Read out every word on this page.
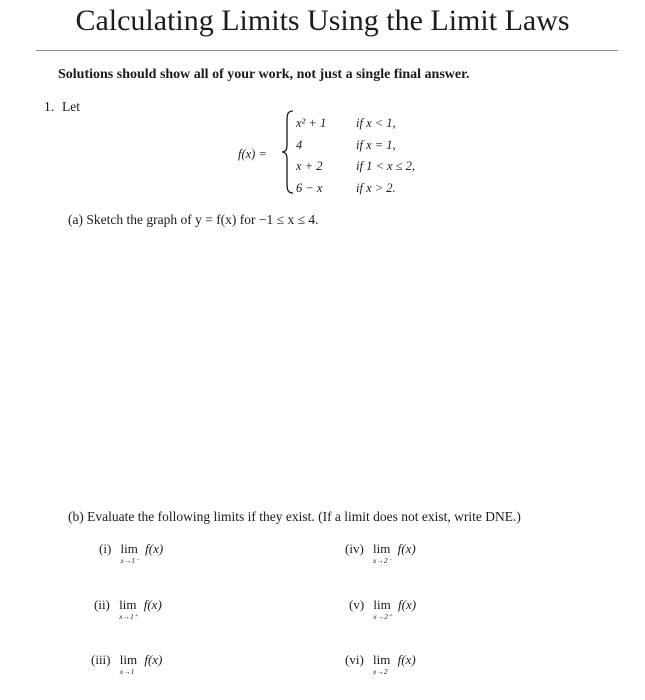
Calculating Limits Using the Limit Laws
Solutions should show all of your work, not just a single final answer.
1. Let
f(x) =
x² + 1 if x < 1,
4	if x = 1,
x + 2	if 1 < x ≤ 2,
6 − x	if x > 2.
(a) Sketch the graph of y = f(x) for −1 ≤ x ≤ 4.
(b) Evaluate the following limits if they exist. (If a limit does not exist, write DNE.)
(i) lim
x→1⁻
f(x)
(ii) lim
x→1⁺
f(x)
(iii) lim
x→1
f(x)
(iv) lim
x→2⁻
f(x)
(v) lim
x→2⁺
f(x)
(vi) lim
x→2
f(x)
